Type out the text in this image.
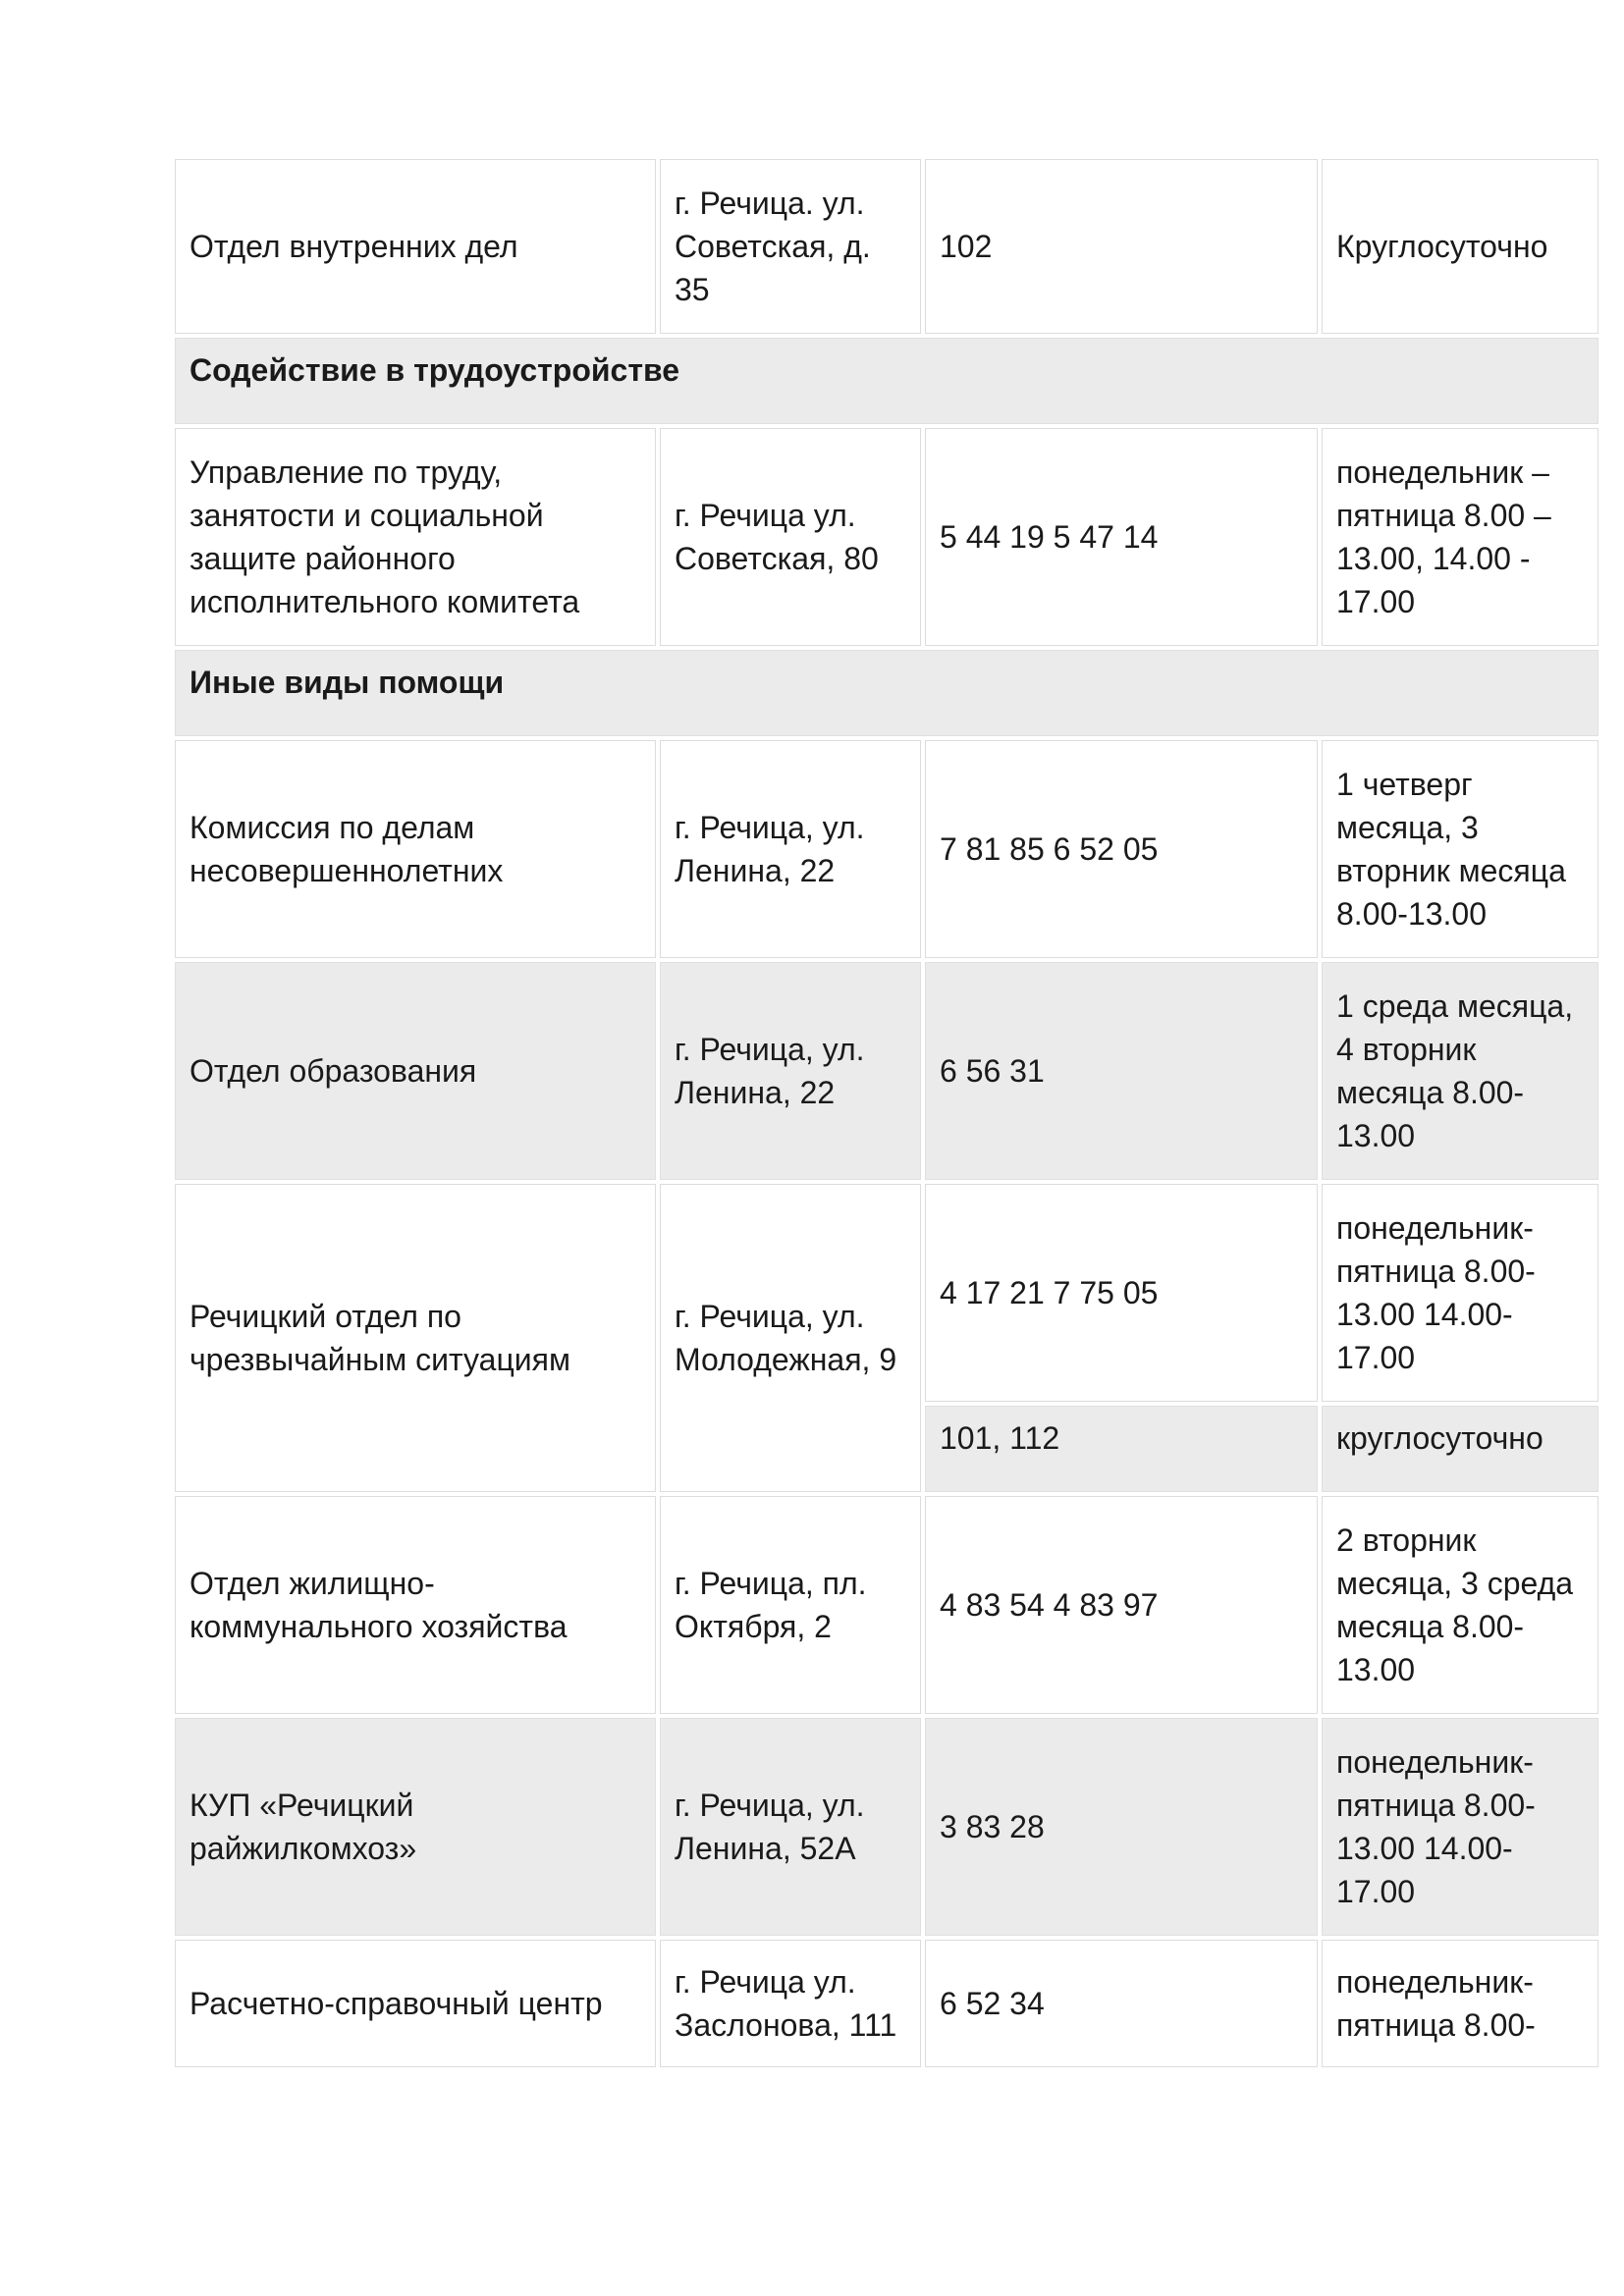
Отдел внутренних дел	г. Речица. ул. Советская, д. 35	102	Круглосуточно
Содействие в трудоустройстве			
Управление по труду, занятости и социальной защите районного исполнительного комитета	г. Речица ул. Советская, 80	5 44 19 5 47 14	понедельник – пятница 8.00 – 13.00, 14.00 - 17.00
Иные виды помощи			
Комиссия по делам несовершеннолетних	г. Речица, ул. Ленина, 22	7 81 85 6 52 05	1 четверг месяца, 3 вторник месяца 8.00-13.00
Отдел образования	г. Речица, ул. Ленина, 22	6 56 31	1 среда месяца, 4 вторник месяца 8.00-13.00
Речицкий отдел по чрезвычайным ситуациям	г. Речица, ул. Молодежная, 9	4 17 21 7 75 05	понедельник-пятница 8.00-13.00 14.00-17.00
		101, 112	круглосуточно
Отдел жилищно-коммунального хозяйства	г. Речица, пл. Октября, 2	4 83 54 4 83 97	2 вторник месяца, 3 среда месяца 8.00-13.00
КУП «Речицкий райжилкомхоз»	г. Речица, ул. Ленина, 52А	3 83 28	понедельник-пятница 8.00-13.00 14.00-17.00
Расчетно-справочный центр	г. Речица ул. Заслонова, 111	6 52 34	понедельник-пятница 8.00-
